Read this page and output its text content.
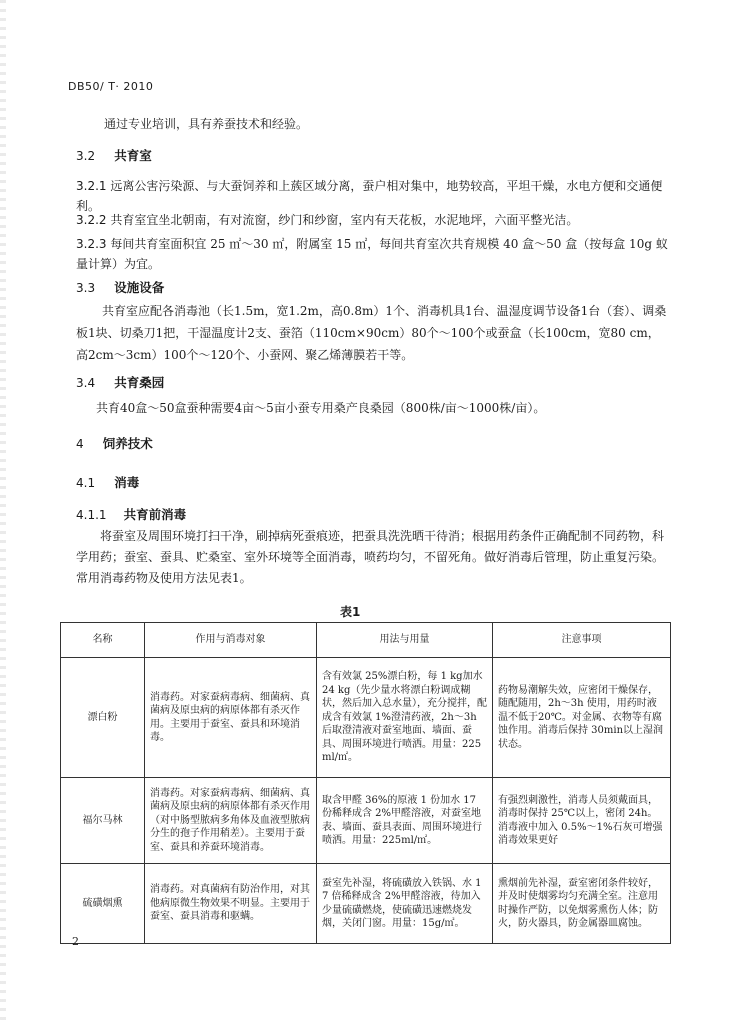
DB50/ T· 2010
通过专业培训，具有养蚕技术和经验。
3.2 共育室
3.2.1 远离公害污染源、与大蚕饲养和上蔟区域分离，蚕户相对集中，地势较高，平坦干燥，水电方便和交通便利。
3.2.2 共育室宜坐北朝南，有对流窗，纱门和纱窗，室内有天花板，水泥地坪，六面平整光洁。
3.2.3 每间共育室面积宜 25 ㎡～30 ㎡，附属室 15 ㎡，每间共育室次共育规模 40 盒～50 盒（按每盒 10g 蚁量计算）为宜。
3.3 设施设备
共育室应配各消毒池（长1.5m，宽1.2m，高0.8m）1个、消毒机具1台、温湿度调节设备1台（套）、调桑板1块、切桑刀1把，干湿温度计2支、蚕箔（110cm×90cm）80个～100个或蚕盒（长100cm，宽80 cm，高2cm～3cm）100个～120个、小蚕网、聚乙烯薄膜若干等。
3.4 共育桑园
共育40盒～50盒蚕种需要4亩～5亩小蚕专用桑产良桑园（800株/亩～1000株/亩）。
4 饲养技术
4.1 消毒
4.1.1 共育前消毒
将蚕室及周围环境打扫干净，刷掉病死蚕痕迹，把蚕具洗洗晒干待消；根据用药条件正确配制不同药物，科学用药；蚕室、蚕具、贮桑室、室外环境等全面消毒，喷药均匀，不留死角。做好消毒后管理，防止重复污染。常用消毒药物及使用方法见表1。
表1
名称	作用与消毒对象	用法与用量	注意事项
漂白粉	消毒药。对家蚕病毒病、细菌病、真菌病及原虫病的病原体都有杀灭作用。主要用于蚕室、蚕具和环境消毒。	含有效氯 25%漂白粉，每 1 kg加水 24 kg（先少量水将漂白粉调成糊状，然后加入总水量），充分搅拌，配成含有效氯 1%澄清药液，2h～3h 后取澄清液对蚕室地面、墙面、蚕具、周围环境进行喷洒。用量：225ml/㎡。	药物易潮解失效，应密闭干燥保存，随配随用，2h～3h 使用，用药时液温不低于20℃。对金属、衣物等有腐蚀作用。消毒后保持 30min以上湿润状态。
福尔马林	消毒药。对家蚕病毒病、细菌病、真菌病及原虫病的病原体都有杀灭作用（对中肠型脓病多角体及血液型脓病分生的孢子作用稍差）。主要用于蚕室、蚕具和养蚕环境消毒。	取含甲醛 36%的原液 1 份加水 17 份稀释成含 2%甲醛溶液，对蚕室地表、墙面、蚕具表面、周围环境进行喷洒。用量：225ml/㎡。	有强烈刺激性，消毒人员须戴面具，消毒时保持 25℃以上，密闭 24h。消毒液中加入 0.5%～1%石灰可增强消毒效果更好
硫磺烟熏	消毒药。对真菌病有防治作用，对其他病原微生物效果不明显。主要用于蚕室、蚕具消毒和驱螨。	蚕室先补湿，将硫磺放入铁锅、水 17 倍稀释成含 2%甲醛溶液，待加入少量硫磺燃烧，使硫磺迅速燃烧发烟，关闭门窗。用量：15g/㎡。	熏烟前先补湿，蚕室密闭条件较好，并及时使烟雾均匀充满全室。注意用时操作严防，以免烟雾熏伤人体；防火，防火器具，防金属器皿腐蚀。
2
